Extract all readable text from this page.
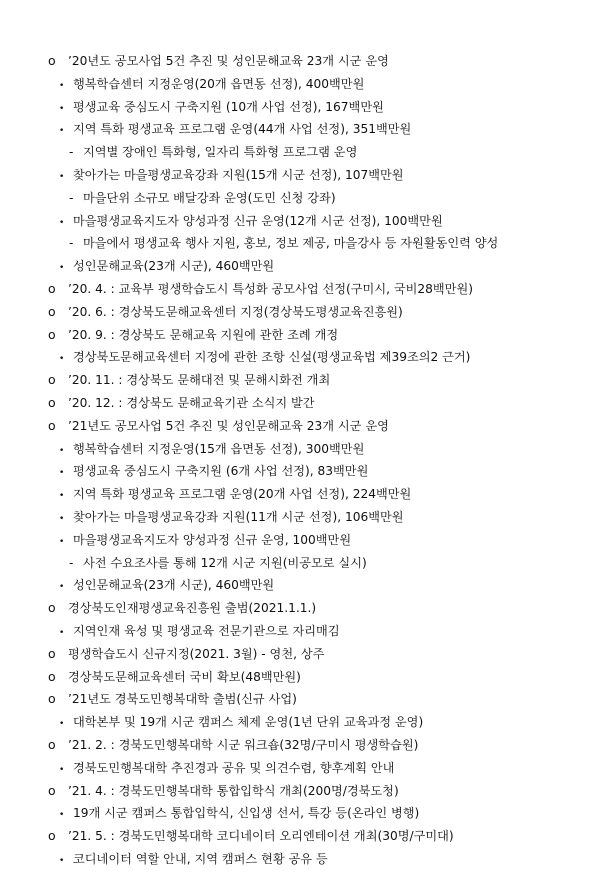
o	’20년도 공모사업 5건 추진 및 성인문해교육 23개 시군 운영
• 행복학습센터 지정운영(20개 읍면동 선정), 400백만원
• 평생교육 중심도시 구축지원 (10개 사업 선정), 167백만원
• 지역 특화 평생교육 프로그램 운영(44개 사업 선정), 351백만원
- 지역별 장애인 특화형, 일자리 특화형 프로그램 운영
• 찾아가는 마을평생교육강좌 지원(15개 시군 선정), 107백만원
- 마을단위 소규모 배달강좌 운영(도민 신청 강좌)
• 마을평생교육지도자 양성과정 신규 운영(12개 시군 선정), 100백만원
- 마을에서 평생교육 행사 지원, 홍보, 정보 제공, 마을강사 등 자원활동인력 양성
• 성인문해교육(23개 시군), 460백만원
o	’20. 4. : 교육부 평생학습도시 특성화 공모사업 선정(구미시, 국비28백만원)
o	’20. 6. : 경상북도문해교육센터 지정(경상북도평생교육진흥원)
o	’20. 9. : 경상북도 문해교육 지원에 관한 조례 개정
• 경상북도문해교육센터 지정에 관한 조항 신설(평생교육법 제39조의2 근거)
o	’20. 11. : 경상북도 문해대전 및 문해시화전 개최
o	’20. 12. : 경상북도 문해교육기관 소식지 발간
o	’21년도 공모사업 5건 추진 및 성인문해교육 23개 시군 운영
• 행복학습센터 지정운영(15개 읍면동 선정), 300백만원
• 평생교육 중심도시 구축지원 (6개 사업 선정), 83백만원
• 지역 특화 평생교육 프로그램 운영(20개 사업 선정), 224백만원
• 찾아가는 마을평생교육강좌 지원(11개 시군 선정), 106백만원
• 마을평생교육지도자 양성과정 신규 운영, 100백만원
- 사전 수요조사를 통해 12개 시군 지원(비공모로 실시)
• 성인문해교육(23개 시군), 460백만원
o	경상북도인재평생교육진흥원 출범(2021.1.1.)
• 지역인재 육성 및 평생교육 전문기관으로 자리매김
o	평생학습도시 신규지정(2021. 3월) - 영천, 상주
o	경상북도문해교육센터 국비 확보(48백만원)
o	’21년도 경북도민행복대학 출범(신규 사업)
• 대학본부 및 19개 시군 캠퍼스 체제 운영(1년 단위 교육과정 운영)
o	’21. 2. : 경북도민행복대학 시군 워크숍(32명/구미시 평생학습원)
• 경북도민행복대학 추진경과 공유 및 의견수렴, 향후계획 안내
o	’21. 4. : 경북도민행복대학 통합입학식 개최(200명/경북도청)
• 19개 시군 캠퍼스 통합입학식, 신입생 선서, 특강 등(온라인 병행)
o	’21. 5. : 경북도민행복대학 코디네이터 오리엔테이션 개최(30명/구미대)
• 코디네이터 역할 안내, 지역 캠퍼스 현황 공유 등
